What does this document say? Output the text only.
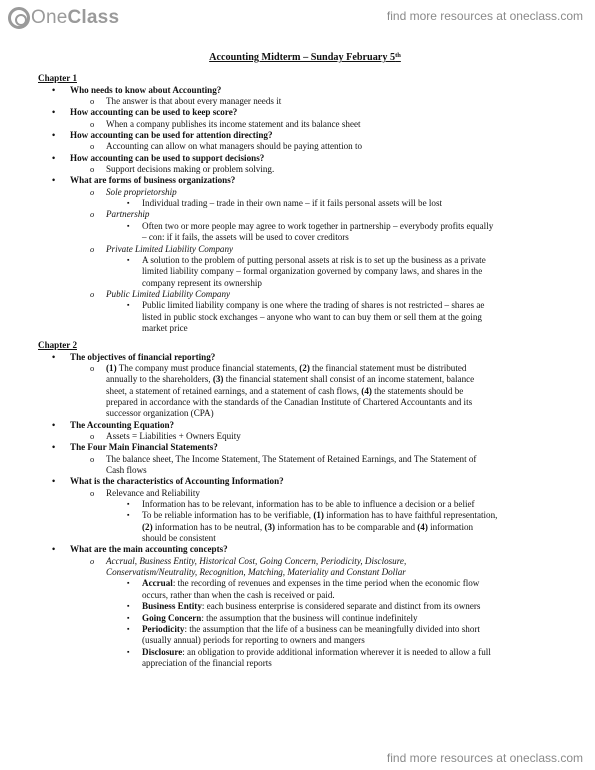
OneClass	find more resources at oneclass.com
Accounting Midterm – Sunday February 5th
Chapter 1
• Who needs to know about Accounting?
o The answer is that about every manager needs it
• How accounting can be used to keep score?
o When a company publishes its income statement and its balance sheet
• How accounting can be used for attention directing?
o Accounting can allow on what managers should be paying attention to
• How accounting can be used to support decisions?
o Support decisions making or problem solving.
• What are forms of business organizations?
o Sole proprietorship
▪ Individual trading – trade in their own name – if it fails personal assets will be lost
o Partnership
▪ Often two or more people may agree to work together in partnership – everybody profits equally
– con: if it fails, the assets will be used to cover creditors
o Private Limited Liability Company
▪ A solution to the problem of putting personal assets at risk is to set up the business as a private
limited liability company – formal organization governed by company laws, and shares in the
company represent its ownership
o Public Limited Liability Company
▪ Public limited liability company is one where the trading of shares is not restricted – shares ae
listed in public stock exchanges – anyone who want to can buy them or sell them at the going
market price
Chapter 2
• The objectives of financial reporting?
o (1) The company must produce financial statements, (2) the financial statement must be distributed
annually to the shareholders, (3) the financial statement shall consist of an income statement, balance
sheet, a statement of retained earnings, and a statement of cash flows, (4) the statements should be
prepared in accordance with the standards of the Canadian Institute of Chartered Accountants and its
successor organization (CPA)
• The Accounting Equation?
o Assets = Liabilities + Owners Equity
• The Four Main Financial Statements?
o The balance sheet, The Income Statement, The Statement of Retained Earnings, and The Statement of
Cash flows
• What is the characteristics of Accounting Information?
o Relevance and Reliability
▪ Information has to be relevant, information has to be able to influence a decision or a belief
▪ To be reliable information has to be verifiable, (1) information has to have faithful representation,
(2) information has to be neutral, (3) information has to be comparable and (4) information
should be consistent
• What are the main accounting concepts?
o Accrual, Business Entity, Historical Cost, Going Concern, Periodicity, Disclosure,
Conservatism/Neutrality, Recognition, Matching, Materiality and Constant Dollar
▪ Accrual: the recording of revenues and expenses in the time period when the economic flow
occurs, rather than when the cash is received or paid.
▪ Business Entity: each business enterprise is considered separate and distinct from its owners
▪ Going Concern: the assumption that the business will continue indefinitely
▪ Periodicity: the assumption that the life of a business can be meaningfully divided into short
(usually annual) periods for reporting to owners and mangers
▪ Disclosure: an obligation to provide additional information wherever it is needed to allow a full
appreciation of the financial reports
find more resources at oneclass.com
